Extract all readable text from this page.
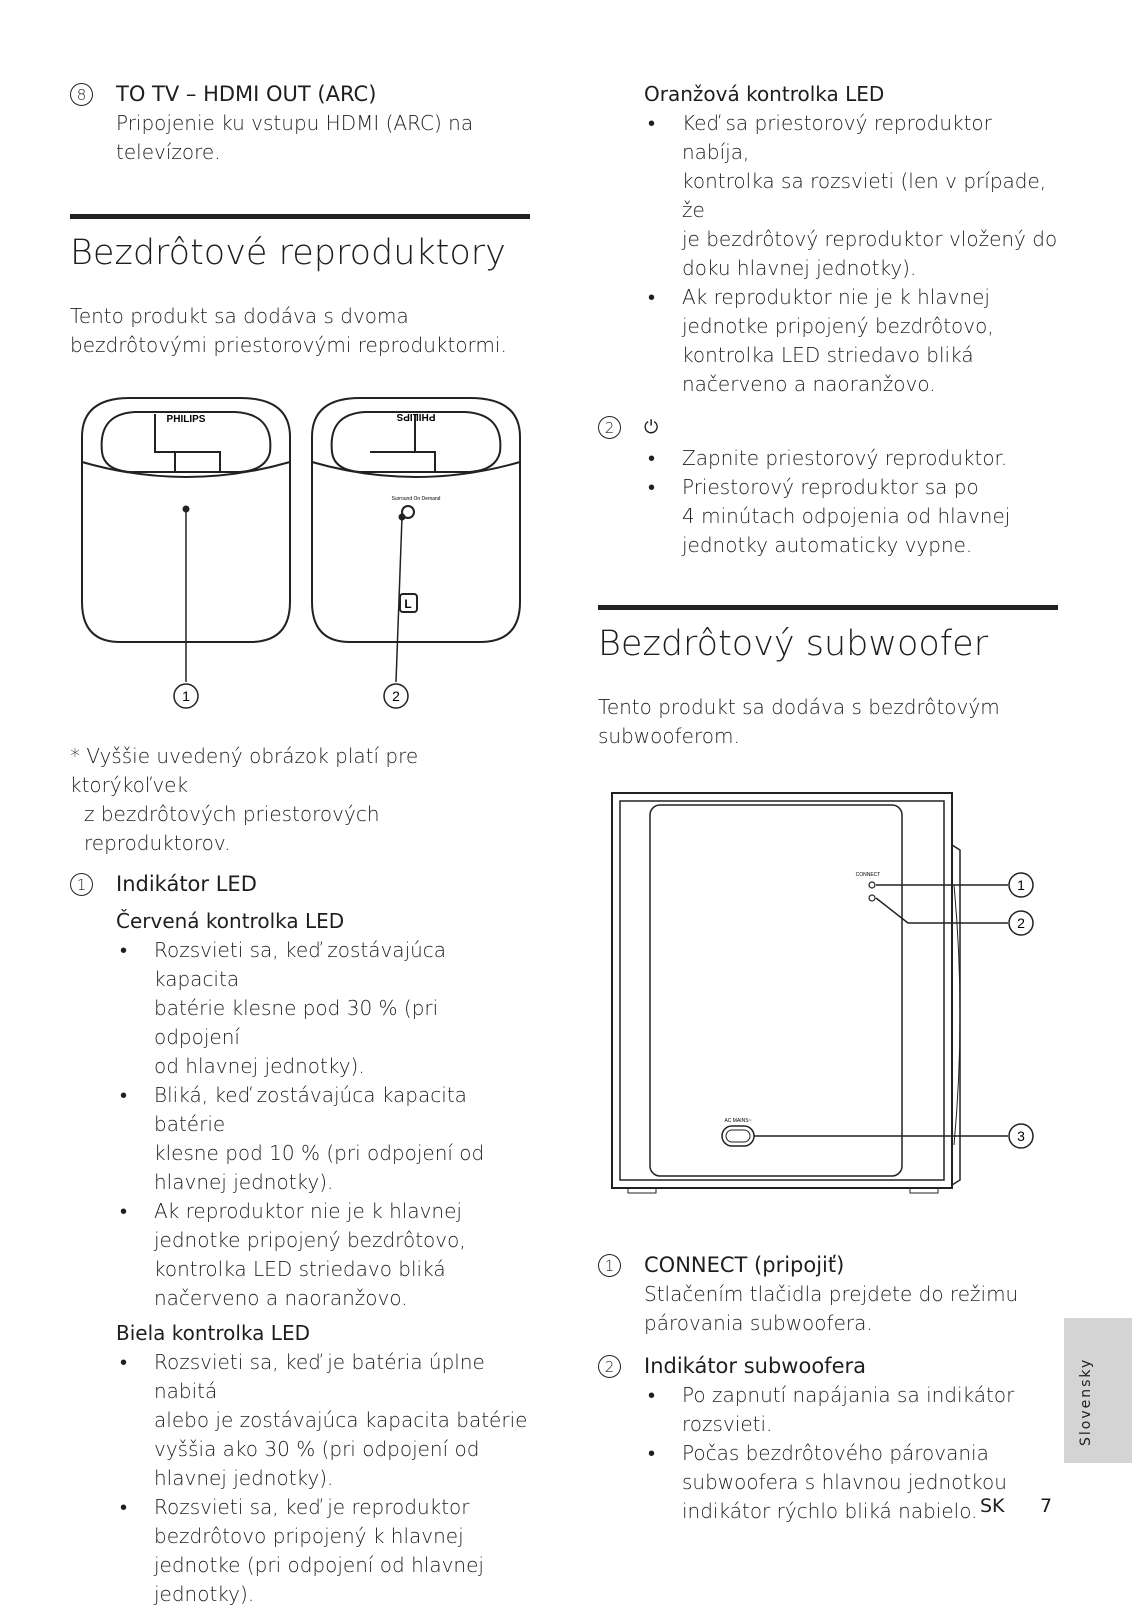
8	TO TV – HDMI OUT (ARC)
Pripojenie ku vstupu HDMI (ARC) na
televízore.
Bezdrôtové reproduktory

Tento produkt sa dodáva s dvoma

bezdrôtovými priestorovými reproduktormi.

PHILIPS	PHILIPS
Surround On Demand
L
1	2

* Vyššie uvedený obrázok platí pre ktorýkoľvek

z bezdrôtových priestorových reproduktorov.

1	Indikátor LED
Červená kontrolka LED
• Rozsvieti sa, keď zostávajúca kapacita
batérie klesne pod 30 % (pri odpojení
od hlavnej jednotky).
• Bliká, keď zostávajúca kapacita batérie
klesne pod 10 % (pri odpojení od
hlavnej jednotky).
• Ak reproduktor nie je k hlavnej
jednotke pripojený bezdrôtovo,
kontrolka LED striedavo bliká
načerveno a naoranžovo.
Biela kontrolka LED
• Rozsvieti sa, keď je batéria úplne nabitá
alebo je zostávajúca kapacita batérie
vyššia ako 30 % (pri odpojení od
hlavnej jednotky).
• Rozsvieti sa, keď je reproduktor
bezdrôtovo pripojený k hlavnej
jednotke (pri odpojení od hlavnej
jednotky).
Oranžová kontrolka LED
• Keď sa priestorový reproduktor nabíja,
kontrolka sa rozsvieti (len v prípade, že
je bezdrôtový reproduktor vložený do
doku hlavnej jednotky).
• Ak reproduktor nie je k hlavnej
jednotke pripojený bezdrôtovo,
kontrolka LED striedavo bliká
načerveno a naoranžovo.
2	⏻
• Zapnite priestorový reproduktor.
• Priestorový reproduktor sa po
4 minútach odpojenia od hlavnej
jednotky automaticky vypne.
Bezdrôtový subwoofer

Tento produkt sa dodáva s bezdrôtovým

subwooferom.

CONNECT
AC MAINS~
1
2
3
1	CONNECT (pripojiť)
Stlačením tlačidla prejdete do režimu
párovania subwoofera.
2	Indikátor subwoofera
• Po zapnutí napájania sa indikátor
rozsvieti.
• Počas bezdrôtového párovania
subwoofera s hlavnou jednotkou
indikátor rýchlo bliká nabielo.
Slovensky
SK 7
